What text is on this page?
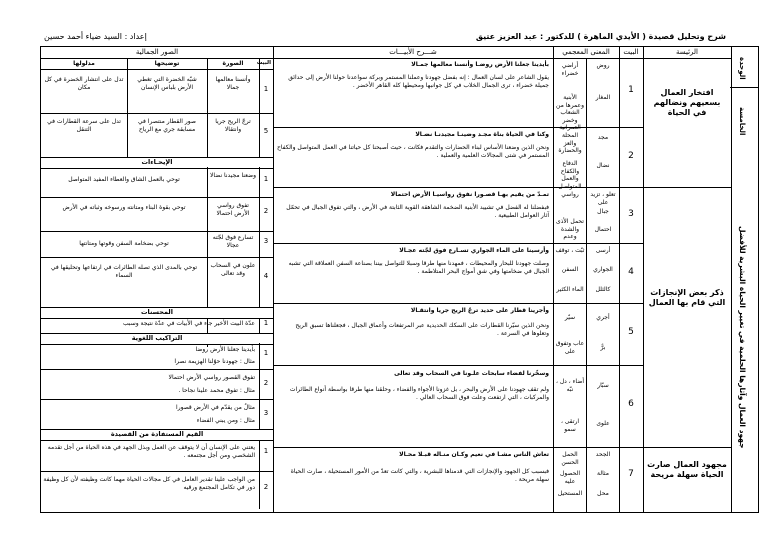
شرح وتحليل قصيدة ( الأيدي الماهرة ) للدكتور : عبد العزيز عتيق
إعداد : السيد ضياء أحمد حسين
الوحدة
الخامسة
جهود العمال وآثارها الحلمية في تغيير الحياة البشرية للأفضل
الرئيسة
البيت
المعنى المعجمي
شـــرح الأبيـــات
الصور الجمالية
افتخار العمال بسعيهم ونضالهم في الحياة
ذكر بعض الإنجازات التي قام بها العمال
مجهود العمال صارت الحياة سهلة مريحة
1
2
3
4
5
6
7
روض
أراضي خضراء
المغار
الأبنية وعمرها من الشعاب وخضر العمرانية
مجد
المحلة والعز والحضارة
نضال
الدفاع والكفاح والعمل المتواصل
تعلو ، تزيد على
رواسي
جبال
احتمال
تحمل الأذى والشدة وعدم
أرسى
ثبّت ، توقف
الجواري
السفن
كالثلل
الماء الكثير
أجري
سيّر
برٌّ
عاب وتفوق على
سبّار
أضاء ، دل ، نبّه
علوى
ارتقى ، سمو
الجحد
الحمل الحسن
مثالة
الحصول عليه
محل
المستحيل
بأيدينا جعلنا الأرض روضـا وأنسنا معالمها جمـالا
يقول الشاعر على لسان العمال : إنه بفضل جهودنا وعملنا المستمر وبركة سواعدنا حولنا الأرض إلى حدائق جميلة خضراء ، ترى الجمال الخلاب في كل جوانبها ومحيطها كله القاهر الأخضر .
وكنا في الحياة بناة مجـد وضينـا مجيدنـا نضـالا
ونحن الذين وضعنا الأساس لبناء الحضارات والتقدم فكانت ، حيث أصبحنا كل حياتنا في العمل المتواصل والكفاح المستمر في شتى المجالات العلمية والعملية .
تمـدّ من يقيم بهـا قصـورا نفوق رواسيـا الأرض احتمالا
فبفضلنا له الفضل في تشييد الأبنية الضخمة الشاهقة القوية الثابتة في الأرض ، والتي تفوق الجبال في تحمّل آثار العوامل الطبيعية .
وأرسينا على الماء الجواري تسـارع فوق لجّته عجـالا
وصلت جهودنا للبحار والمحيطات ، فمهدنا منها طرقا وسبلا للتواصل بيننا بصناعة السفن العملاقة التي تشبه الجبال في ضخامتها وفي شق أمواج البحر المتلاطمة .
وأجرينا قطار على حديد ترجّ الريح جريا وانتقـالا
ونحن الذين سيّرنا القطارات على السكك الحديدية عبر المرتفعات وأعماق الجبال ، فجعلناها تسبق الريح وتعلوها في السرعة .
وسخّرنا لفضاء سابحات علـونا في السحاب وقد تعالى
ولم تقف جهودنا على الأرض والبحر ، بل غزونا الأجواء والفضاء ، وحلقنا منها طرقا بواسطة أنواع الطائرات والمركبات ، التي ارتفعت وعلت فوق السحاب العالي .
تعاش الناس مشـا في نعيم وكـان منـاله قبـلا محـالا
فبسبب كل الجهود والإنجازات التي قدمناها للبشرية ، والتي كانت تعدّ من الأمور المستحيلة ، صارت الحياة سهلة مريحة .
البيت
الصورة
توضيحها
مدلولها
1
وأنسنا معالمها جمالا
شبّه الخضرة التي تغطي الأرض بلباس الإنسان
تدل على انتشار الخضرة في كل مكان
5
ترجّ الريح جريا وانتقالا
صور القطار منتصرا في مسابقة جري مع الرياح
تدل على سرعة القطارات في التنقل
الإيحـاءات
1
وضعنا مجيدنا نضالا
توحي بالعمل الشاق والعطاء المفيد المتواصل
2
تفوق رواسي الأرض احتمالا
توحي بقوة البناء ومتانته ورسوخه وثباته في الأرض
3
تسارع فوق لجّته عجالا
توحي بضخامة السفن وقوتها ومتانتها
4
علون في السحاب وقد تعالى
توحي بالمدى الذي تصله الطائرات في ارتفاعها وتحليقها في السماء
المحسنات
1
عدّة البيت الأخير جاء في الأبيات في عدّة نتيجة وسبب
التراكيب اللغوية
1
بأيدينا جعلنا الأرض روضا
مثال : جهودنا حوّلنا الهزيمة نصرا
2
تفوق القصور رواسي الأرض احتمالا
مثال : تفوق محمد علينا نجاحا .
3
مثالٌ من يقدّم في الأرض قصورا
مثال : ومن يبني الفضاء
القيم المستفادة من القصيدة
1
يعتني على الإنسان أن لا يتوقف عن العمل وبذل الجهد في هذه الحياة من أجل تقدمه الشخصي ومن أجل مجتمعه .
2
من الواجب علينا تقدير العامل في كل مجالات الحياة مهما كانت وظيفته لأن كل وظيفة دور في تكامل المجتمع ورقيه
